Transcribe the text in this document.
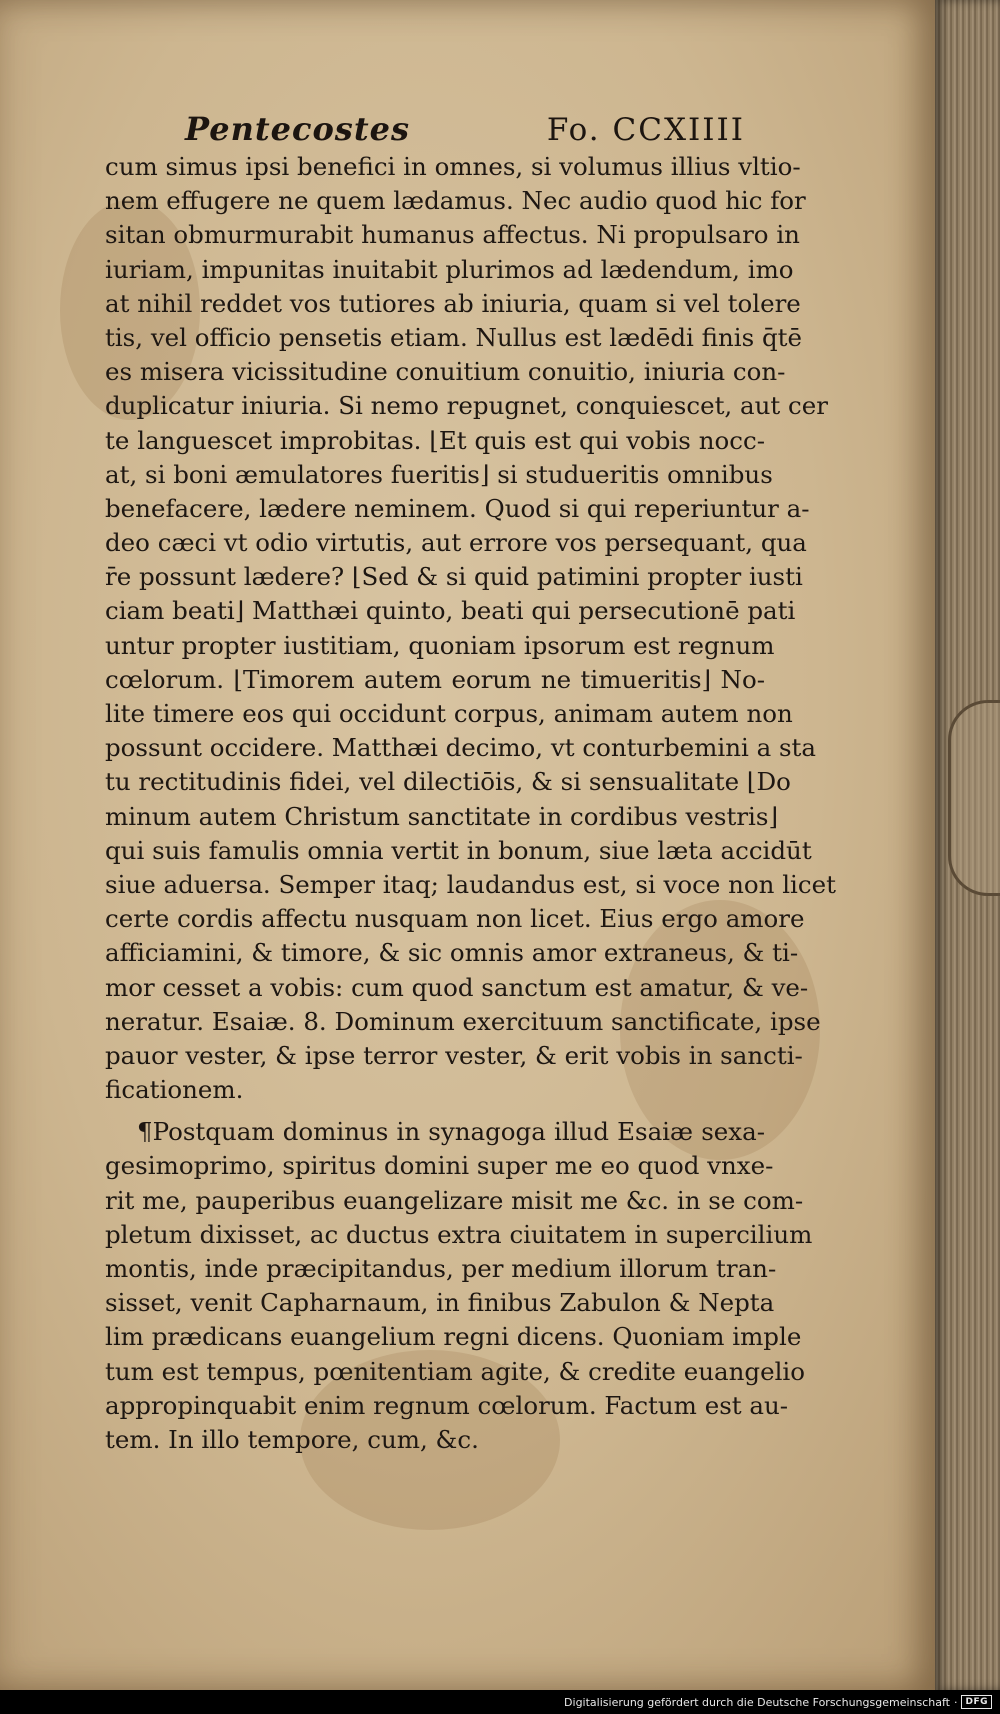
Pentecostes	Fo. CCXIIII
cum simus ipsi benefici in omnes, si volumus illius vltio-
nem effugere ne quem lædamus. Nec audio quod hic for
sitan obmurmurabit humanus affectus. Ni propulsaro in
iuriam, impunitas inuitabit plurimos ad lædendum, imo
at nihil reddet vos tutiores ab iniuria, quam si vel tolere
tis, vel officio pensetis etiam. Nullus est lædēdi finis q̄tē
es misera vicissitudine conuitium conuitio, iniuria con-
duplicatur iniuria. Si nemo repugnet, conquiescet, aut cer
te languescet improbitas. ⌊Et quis est qui vobis nocc-
at, si boni æmulatores fueritis⌋ si studueritis omnibus
benefacere, lædere neminem. Quod si qui reperiuntur a-
deo cæci vt odio virtutis, aut errore vos persequant, qua
r̄e possunt lædere? ⌊Sed & si quid patimini propter iusti
ciam beati⌋ Matthæi quinto, beati qui persecutionē pati
untur propter iustitiam, quoniam ipsorum est regnum
cœlorum. ⌊Timorem autem eorum ne timueritis⌋ No-
lite timere eos qui occidunt corpus, animam autem non
possunt occidere. Matthæi decimo, vt conturbemini a sta
tu rectitudinis fidei, vel dilectiōis, & si sensualitate ⌊Do
minum autem Christum sanctitate in cordibus vestris⌋
qui suis famulis omnia vertit in bonum, siue læta accidūt
siue aduersa. Semper itaq; laudandus est, si voce non licet
certe cordis affectu nusquam non licet. Eius ergo amore
afficiamini, & timore, & sic omnis amor extraneus, & ti-
mor cesset a vobis: cum quod sanctum est amatur, & ve-
neratur. Esaiæ. 8. Dominum exercituum sanctificate, ipse
pauor vester, & ipse terror vester, & erit vobis in sancti-
ficationem.
¶Postquam dominus in synagoga illud Esaiæ sexa-
gesimoprimo, spiritus domini super me eo quod vnxe-
rit me, pauperibus euangelizare misit me &c. in se com-
pletum dixisset, ac ductus extra ciuitatem in supercilium
montis, inde præcipitandus, per medium illorum tran-
sisset, venit Capharnaum, in finibus Zabulon & Nepta
lim prædicans euangelium regni dicens. Quoniam imple
tum est tempus, pœnitentiam agite, & credite euangelio
appropinquabit enim regnum cœlorum. Factum est au-
tem. In illo tempore, cum, &c.
Digitalisierung gefördert durch die Deutsche Forschungsgemeinschaft · DFG
